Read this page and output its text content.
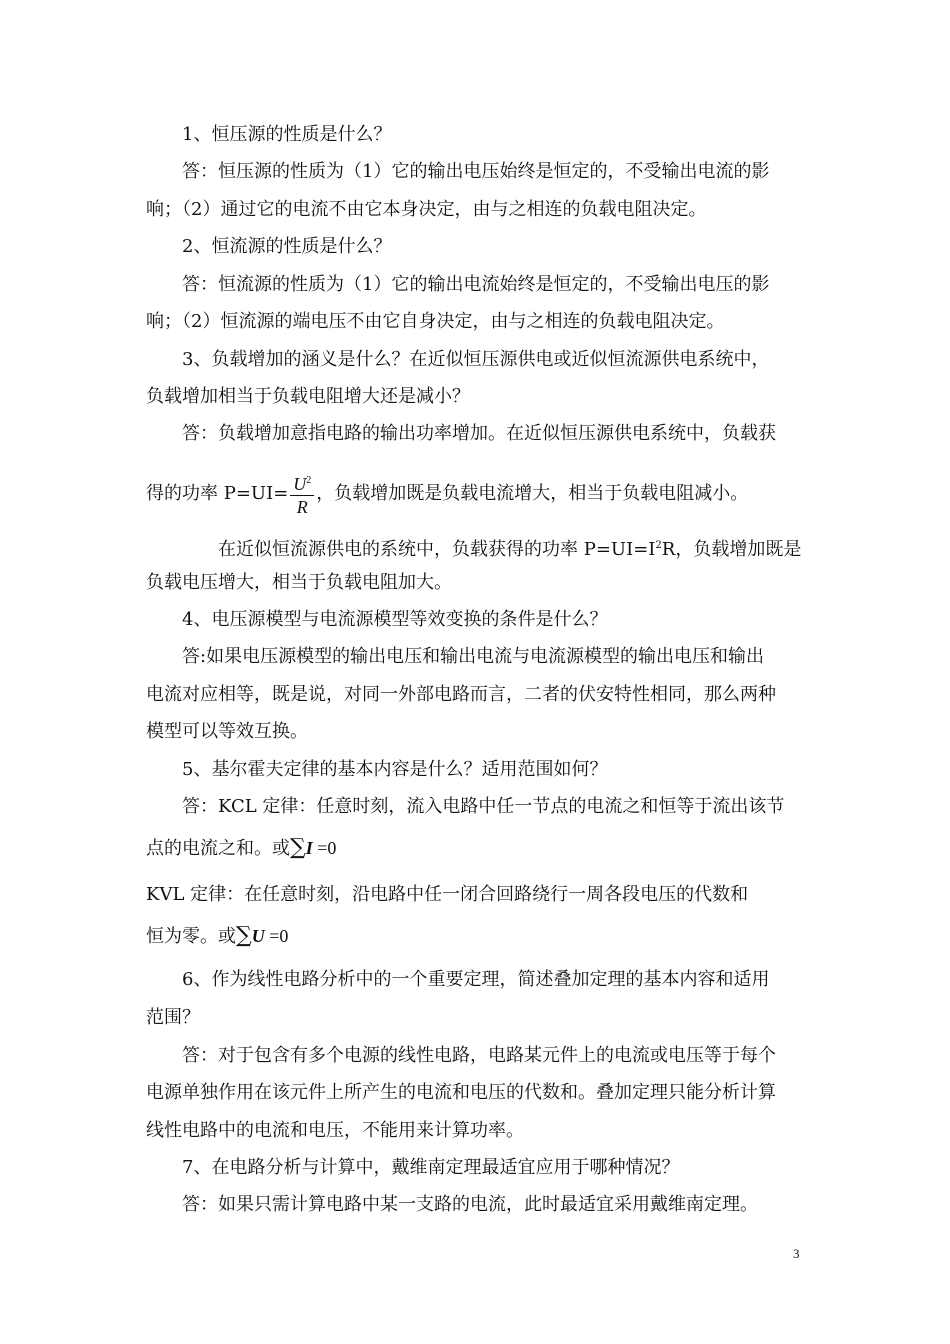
1、恒压源的性质是什么？
答：恒压源的性质为（1）它的输出电压始终是恒定的，不受输出电流的影
响；（2）通过它的电流不由它本身决定，由与之相连的负载电阻决定。
2、恒流源的性质是什么？
答：恒流源的性质为（1）它的输出电流始终是恒定的，不受输出电压的影
响；（2）恒流源的端电压不由它自身决定，由与之相连的负载电阻决定。
3、负载增加的涵义是什么？在近似恒压源供电或近似恒流源供电系统中，
负载增加相当于负载电阻增大还是减小？
答：负载增加意指电路的输出功率增加。在近似恒压源供电系统中，负载获
得的功率 $P=UI= \frac{U^2}{R}$ ，负载增加既是负载电流增大，相当于负载电阻减小。
在近似恒流源供电的系统中，负载获得的功率 $P=UI=I^2R$，负载增加既是
负载电压增大，相当于负载电阻加大。
4、电压源模型与电流源模型等效变换的条件是什么？
答:如果电压源模型的输出电压和输出电流与电流源模型的输出电压和输出
电流对应相等，既是说，对同一外部电路而言，二者的伏安特性相同，那么两种
模型可以等效互换。
5、基尔霍夫定律的基本内容是什么？适用范围如何？
答：KCL 定律：任意时刻，流入电路中任一节点的电流之和恒等于流出该节
点的电流之和。或∑I =0
KVL 定律：在任意时刻，沿电路中任一闭合回路绕行一周各段电压的代数和
恒为零。或∑U =0
6、作为线性电路分析中的一个重要定理，简述叠加定理的基本内容和适用
范围？
答：对于包含有多个电源的线性电路，电路某元件上的电流或电压等于每个
电源单独作用在该元件上所产生的电流和电压的代数和。叠加定理只能分析计算
线性电路中的电流和电压，不能用来计算功率。
7、在电路分析与计算中，戴维南定理最适宜应用于哪种情况？
答：如果只需计算电路中某一支路的电流，此时最适宜采用戴维南定理。
3
